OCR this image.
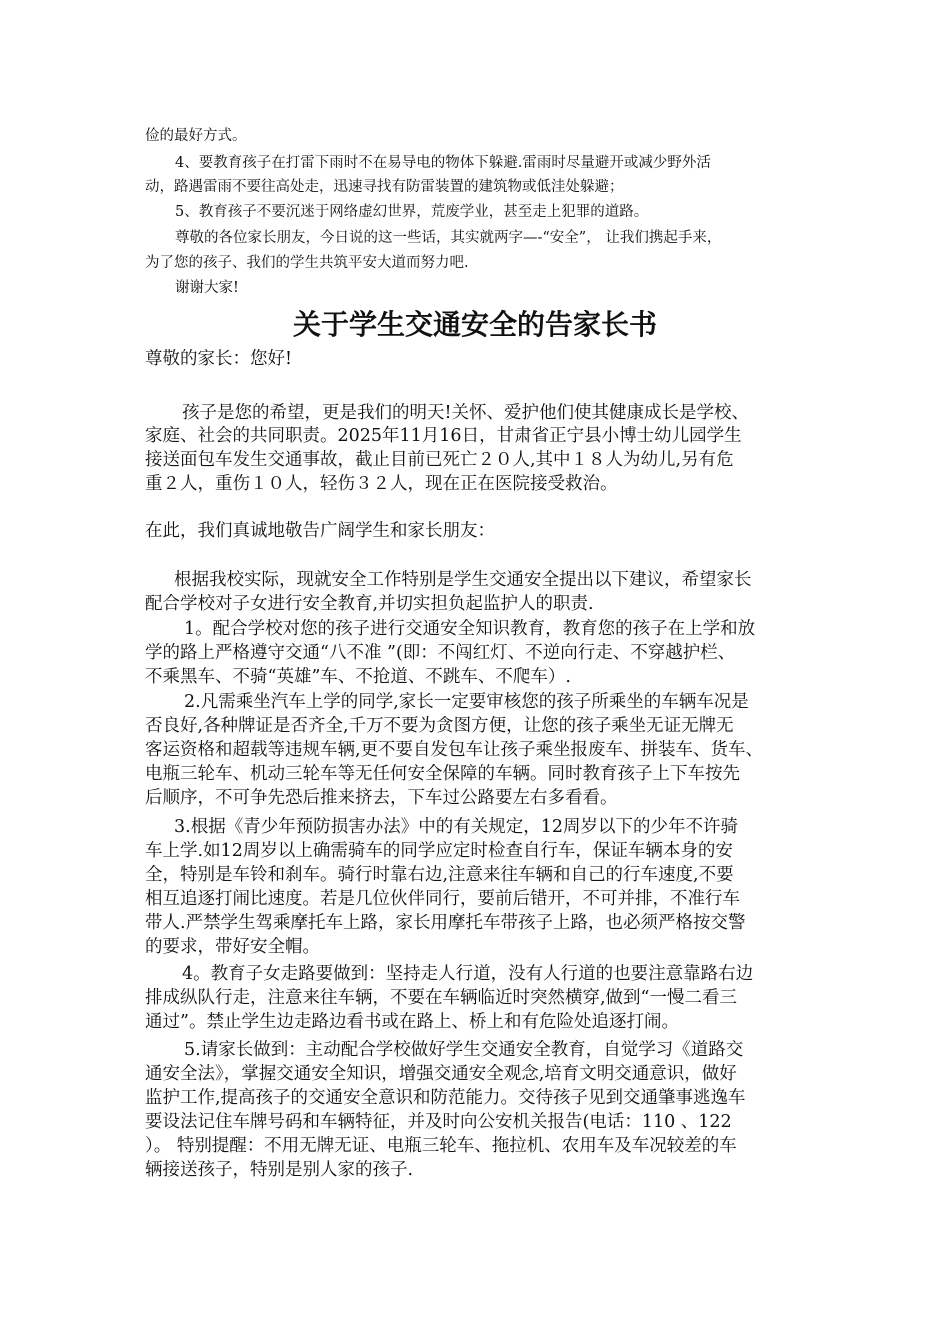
俭的最好方式。
4、要教育孩子在打雷下雨时不在易导电的物体下躲避.雷雨时尽量避开或减少野外活
动，路遇雷雨不要往高处走，迅速寻找有防雷装置的建筑物或低洼处躲避；
5、教育孩子不要沉迷于网络虚幻世界，荒废学业，甚至走上犯罪的道路。
尊敬的各位家长朋友，今日说的这一些话，其实就两字—-“安全”， 让我们携起手来，
为了您的孩子、我们的学生共筑平安大道而努力吧.
谢谢大家!
关于学生交通安全的告家长书
尊敬的家长：您好!
孩子是您的希望，更是我们的明天!关怀、爱护他们使其健康成长是学校、
家庭、社会的共同职责。2025年11月16日，甘肃省正宁县小博士幼儿园学生
接送面包车发生交通事故，截止目前已死亡２０人,其中１８人为幼儿,另有危
重２人，重伤１０人，轻伤３２人，现在正在医院接受救治。
在此，我们真诚地敬告广阔学生和家长朋友：
根据我校实际，现就安全工作特别是学生交通安全提出以下建议，希望家长
配合学校对子女进行安全教育,并切实担负起监护人的职责.
1。配合学校对您的孩子进行交通安全知识教育，教育您的孩子在上学和放
学的路上严格遵守交通“八不准 ”(即：不闯红灯、不逆向行走、不穿越护栏、
不乘黑车、不骑“英雄”车、不抢道、不跳车、不爬车）.
2.凡需乘坐汽车上学的同学,家长一定要审核您的孩子所乘坐的车辆车况是
否良好,各种牌证是否齐全,千万不要为贪图方便，让您的孩子乘坐无证无牌无
客运资格和超载等违规车辆,更不要自发包车让孩子乘坐报废车、拼装车、货车、
电瓶三轮车、机动三轮车等无任何安全保障的车辆。同时教育孩子上下车按先
后顺序，不可争先恐后推来挤去，下车过公路要左右多看看。
3.根据《青少年预防损害办法》中的有关规定，12周岁以下的少年不许骑
车上学.如12周岁以上确需骑车的同学应定时检查自行车，保证车辆本身的安
全，特别是车铃和刹车。骑行时靠右边,注意来往车辆和自己的行车速度,不要
相互追逐打闹比速度。若是几位伙伴同行，要前后错开，不可并排，不准行车
带人.严禁学生驾乘摩托车上路，家长用摩托车带孩子上路，也必须严格按交警
的要求，带好安全帽。
4。教育子女走路要做到：坚持走人行道，没有人行道的也要注意靠路右边
排成纵队行走，注意来往车辆，不要在车辆临近时突然横穿,做到“一慢二看三
通过”。禁止学生边走路边看书或在路上、桥上和有危险处追逐打闹。
5.请家长做到：主动配合学校做好学生交通安全教育，自觉学习《道路交
通安全法》，掌握交通安全知识，增强交通安全观念,培育文明交通意识，做好
监护工作,提高孩子的交通安全意识和防范能力。交待孩子见到交通肇事逃逸车
要设法记住车牌号码和车辆特征，并及时向公安机关报告(电话：110 、122
）。 特别提醒：不用无牌无证、电瓶三轮车、拖拉机、农用车及车况较差的车
辆接送孩子，特别是别人家的孩子.
